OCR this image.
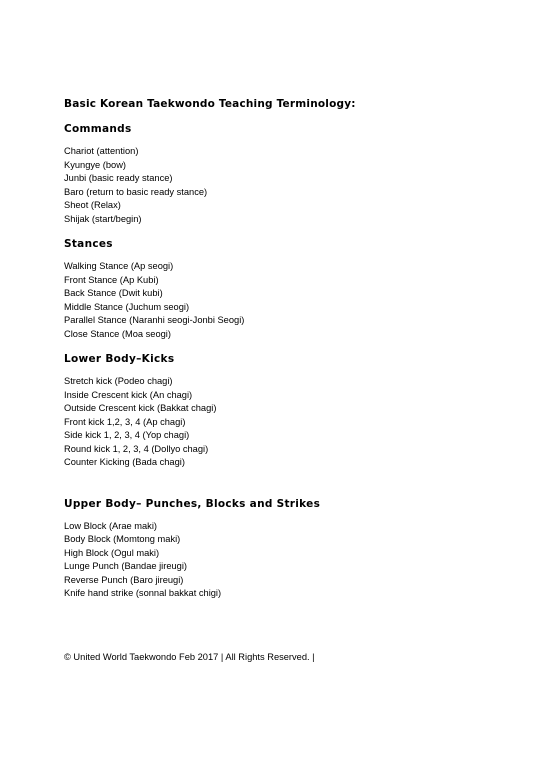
Basic Korean Taekwondo Teaching Terminology:
Commands
Chariot (attention)
Kyungye (bow)
Junbi (basic ready stance)
Baro (return to basic ready stance)
Sheot (Relax)
Shijak (start/begin)
Stances
Walking Stance (Ap seogi)
Front Stance (Ap Kubi)
Back Stance (Dwit kubi)
Middle Stance (Juchum seogi)
Parallel Stance (Naranhi seogi-Jonbi Seogi)
Close Stance (Moa seogi)
Lower Body–Kicks
Stretch kick (Podeo chagi)
Inside Crescent kick (An chagi)
Outside Crescent kick (Bakkat chagi)
Front kick 1,2, 3, 4 (Ap chagi)
Side kick 1, 2, 3, 4 (Yop chagi)
Round kick 1, 2, 3, 4 (Dollyo chagi)
Counter Kicking (Bada chagi)
Upper Body– Punches, Blocks and Strikes
Low Block (Arae maki)
Body Block (Momtong maki)
High Block (Ogul maki)
Lunge Punch (Bandae jireugi)
Reverse Punch (Baro jireugi)
Knife hand strike (sonnal bakkat chigi)
© United World Taekwondo Feb 2017 | All Rights Reserved. |
